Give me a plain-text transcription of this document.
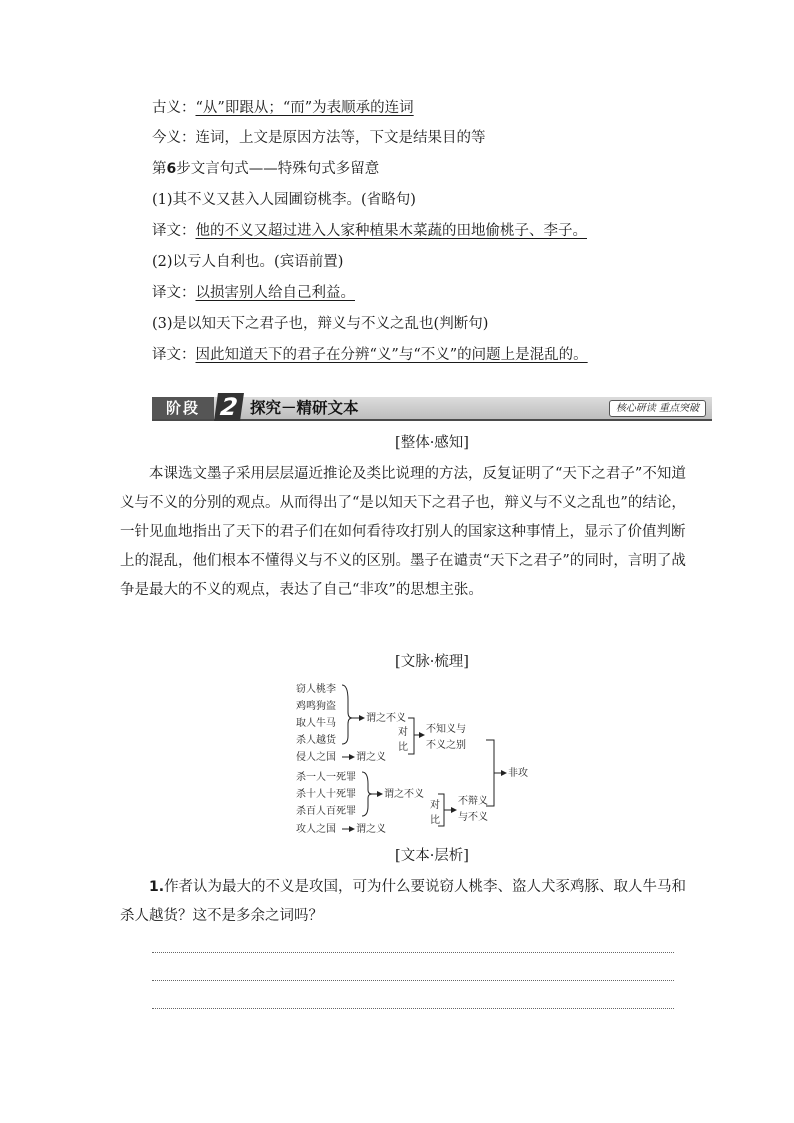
古义：“从”即跟从；“而”为表顺承的连词
今义：连词，上文是原因方法等，下文是结果目的等
第6步文言句式——特殊句式多留意
(1)其不义又甚入人园圃窃桃李。(省略句)
译文：他的不义又超过进入人家种植果木菜蔬的田地偷桃子、李子。
(2)以亏人自利也。(宾语前置)
译文：以损害别人给自己利益。
(3)是以知天下之君子也，辩义与不义之乱也(判断句)
译文：因此知道天下的君子在分辨“义”与“不义”的问题上是混乱的。
阶段 2 探究－精研文本	核心研读 重点突破
[整体·感知]
本课选文墨子采用层层逼近推论及类比说理的方法，反复证明了“天下之君子”不知道义与不义的分别的观点。从而得出了“是以知天下之君子也，辩义与不义之乱也”的结论，一针见血地指出了天下的君子们在如何看待攻打别人的国家这种事情上，显示了价值判断上的混乱，他们根本不懂得义与不义的区别。墨子在谴责“天下之君子”的同时，言明了战争是最大的不义的观点，表达了自己“非攻”的思想主张。
[文脉·梳理]
窃人桃李
鸡鸣狗盗
取人牛马
杀人越货
谓之不义
侵人之国 谓之义
对
比
不知义与
不义之别
杀一人一死罪
杀十人十死罪
杀百人百死罪
谓之不义
攻人之国 谓之义
对
比
不辩义
与不义
非攻
[文本·层析]
1.作者认为最大的不义是攻国，可为什么要说窃人桃李、盗人犬豕鸡豚、取人牛马和杀人越货？这不是多余之词吗？
